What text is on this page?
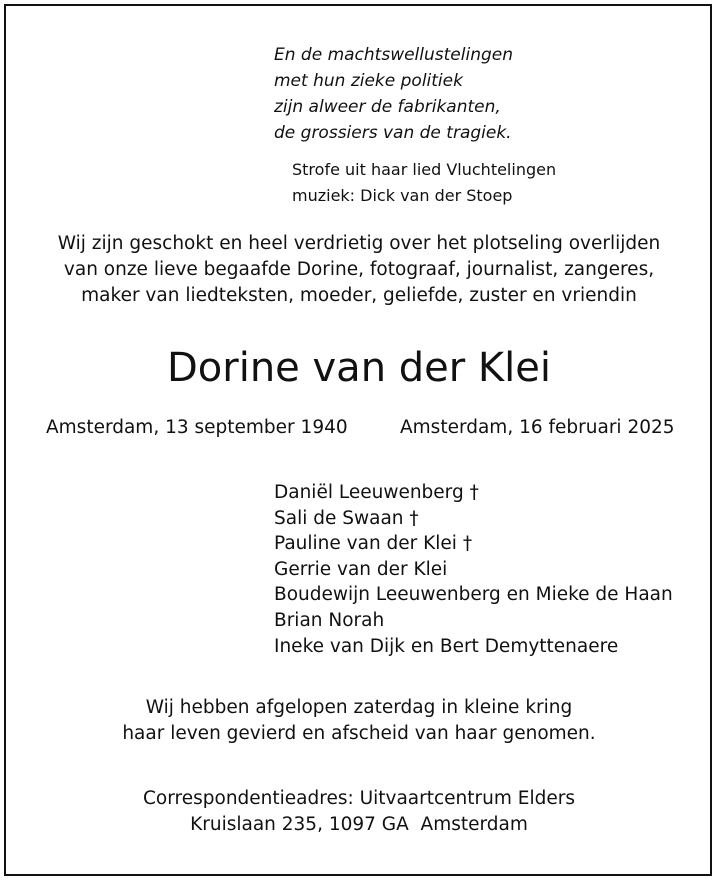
En de machtswellustelingen
met hun zieke politiek
zijn alweer de fabrikanten,
de grossiers van de tragiek.
Strofe uit haar lied Vluchtelingen
muziek: Dick van der Stoep
Wij zijn geschokt en heel verdrietig over het plotseling overlijden
van onze lieve begaafde Dorine, fotograaf, journalist, zangeres,
maker van liedteksten, moeder, geliefde, zuster en vriendin
Dorine van der Klei
Amsterdam, 13 september 1940	Amsterdam, 16 februari 2025
Daniël Leeuwenberg †
Sali de Swaan †
Pauline van der Klei †
Gerrie van der Klei
Boudewijn Leeuwenberg en Mieke de Haan
Brian Norah
Ineke van Dijk en Bert Demyttenaere
Wij hebben afgelopen zaterdag in kleine kring
haar leven gevierd en afscheid van haar genomen.
Correspondentieadres: Uitvaartcentrum Elders
Kruislaan 235, 1097 GA  Amsterdam
